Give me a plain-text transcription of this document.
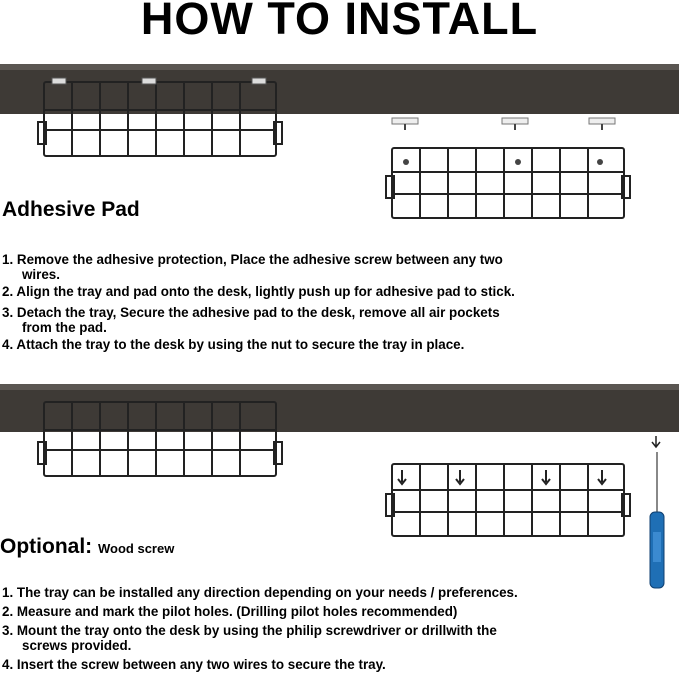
HOW TO INSTALL
Adhesive Pad
1. Remove the adhesive protection, Place the adhesive screw between any two
wires.
2. Align the tray and pad onto the desk, lightly push up for adhesive pad to stick.
3. Detach the tray, Secure the adhesive pad to the desk, remove all air pockets
from the pad.
4. Attach the tray to the desk by using the nut to secure the tray in place.
Optional: Wood screw
1. The tray can be installed any direction depending on your needs / preferences.
2. Measure and mark the pilot holes. (Drilling pilot holes recommended)
3. Mount the tray onto the desk by using the philip screwdriver or drillwith the
screws provided.
4. Insert the screw between any two wires to secure the tray.
